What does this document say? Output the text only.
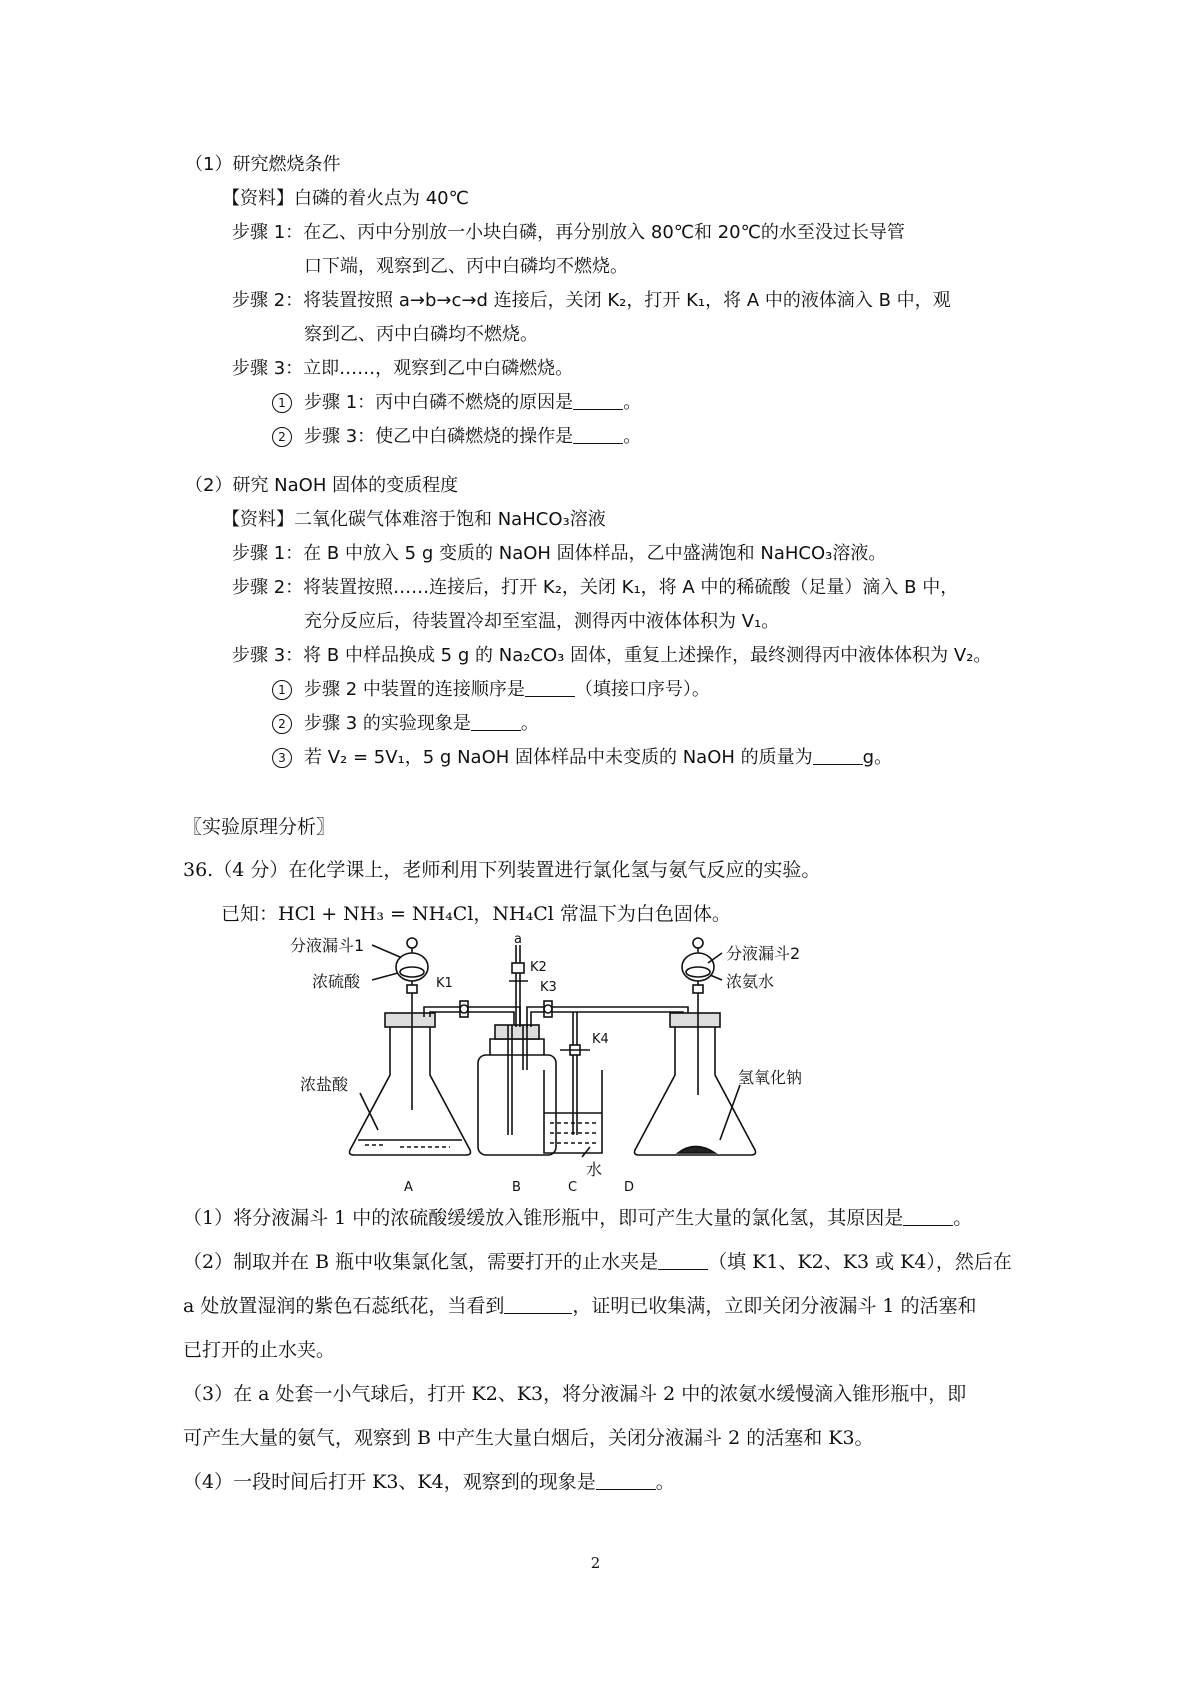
（1）研究燃烧条件
【资料】白磷的着火点为 40℃
步骤 1：在乙、丙中分别放一小块白磷，再分别放入 80℃和 20℃的水至没过长导管
口下端，观察到乙、丙中白磷均不燃烧。
步骤 2：将装置按照 a→b→c→d 连接后，关闭 K₂，打开 K₁，将 A 中的液体滴入 B 中，观
察到乙、丙中白磷均不燃烧。
步骤 3：立即……，观察到乙中白磷燃烧。
1 步骤 1：丙中白磷不燃烧的原因是	。
2 步骤 3：使乙中白磷燃烧的操作是	。
（2）研究 NaOH 固体的变质程度
【资料】二氧化碳气体难溶于饱和 NaHCO₃溶液
步骤 1：在 B 中放入 5 g 变质的 NaOH 固体样品，乙中盛满饱和 NaHCO₃溶液。
步骤 2：将装置按照……连接后，打开 K₂，关闭 K₁，将 A 中的稀硫酸（足量）滴入 B 中，
充分反应后，待装置冷却至室温，测得丙中液体体积为 V₁。
步骤 3：将 B 中样品换成 5 g 的 Na₂CO₃ 固体，重复上述操作，最终测得丙中液体体积为 V₂。
1 步骤 2 中装置的连接顺序是	（填接口序号）。
2 步骤 3 的实验现象是	。
3 若 V₂ = 5V₁，5 g NaOH 固体样品中未变质的 NaOH 的质量为	g。
〖实验原理分析〗
36.（4 分）在化学课上，老师利用下列装置进行氯化氢与氨气反应的实验。
已知：HCl + NH₃ = NH₄Cl，NH₄Cl 常温下为白色固体。
分液漏斗1
浓硫酸
浓盐酸
分液漏斗2
浓氨水
氢氧化钠
水
a
K1
K2
K3
K4
A	B	C	D
（1）将分液漏斗 1 中的浓硫酸缓缓放入锥形瓶中，即可产生大量的氯化氢，其原因是	。
（2）制取并在 B 瓶中收集氯化氢，需要打开的止水夹是	（填 K1、K2、K3 或 K4），然后在
a 处放置湿润的紫色石蕊纸花，当看到	，证明已收集满，立即关闭分液漏斗 1 的活塞和
已打开的止水夹。
（3）在 a 处套一小气球后，打开 K2、K3，将分液漏斗 2 中的浓氨水缓慢滴入锥形瓶中，即
可产生大量的氨气，观察到 B 中产生大量白烟后，关闭分液漏斗 2 的活塞和 K3。
（4）一段时间后打开 K3、K4，观察到的现象是	。
2
